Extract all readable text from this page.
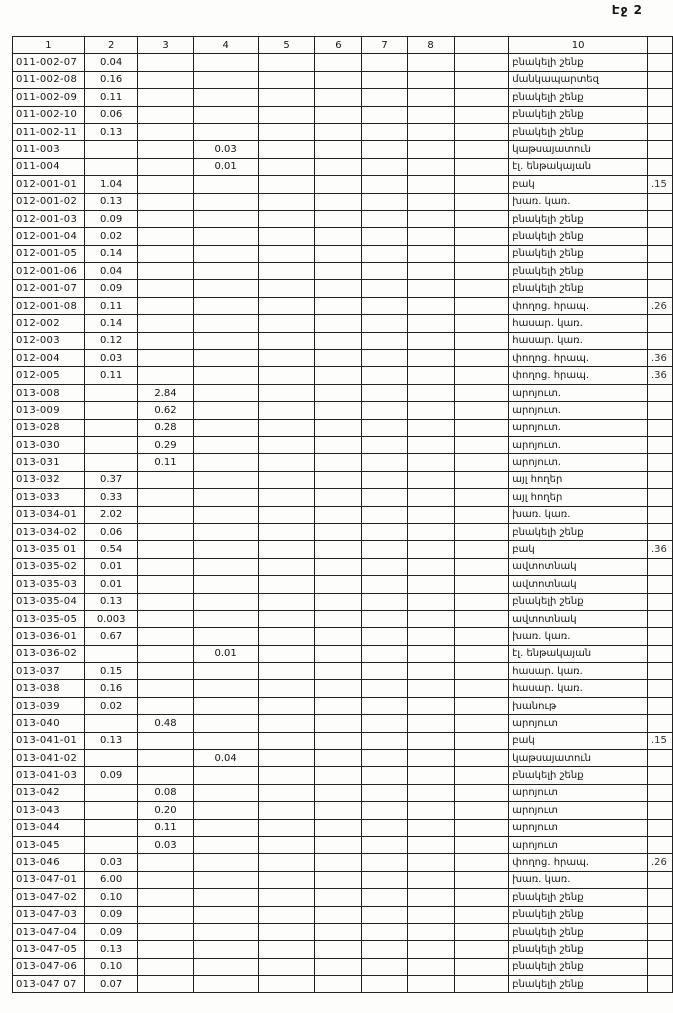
Էջ 2
1	2	3	4	5	6	7	8		10	
011-002-07	0.04								բնակելի շենք	
011-002-08	0.16								մանկապարտեզ	
011-002-09	0.11								բնակելի շենք	
011-002-10	0.06								բնակելի շենք	
011-002-11	0.13								բնակելի շենք	
011-003			0.03						կաթսայատուն	
011-004			0.01						էլ. ենթակայան	
012-001-01	1.04								բակ	.15
012-001-02	0.13								խառ. կառ.	
012-001-03	0.09								բնակելի շենք	
012-001-04	0.02								բնակելի շենք	
012-001-05	0.14								բնակելի շենք	
012-001-06	0.04								բնակելի շենք	
012-001-07	0.09								բնակելի շենք	
012-001-08	0.11								փողոց. հրապ.	.26
012-002	0.14								հասար. կառ.	
012-003	0.12								հասար. կառ.	
012-004	0.03								փողոց. հրապ.	.36
012-005	0.11								փողոց. հրապ.	.36
013-008		2.84							արոյուտ.	
013-009		0.62							արոյուտ.	
013-028		0.28							արոյուտ.	
013-030		0.29							արոյուտ.	
013-031		0.11							արոյուտ.	
013-032	0.37								այլ հողեր	
013-033	0.33								այլ հողեր	
013-034-01	2.02								խառ. կառ.	
013-034-02	0.06								բնակելի շենք	
013-035 01	0.54								բակ	.36
013-035-02	0.01								ավտոտնակ	
013-035-03	0.01								ավտոտնակ	
013-035-04	0.13								բնակելի շենք	
013-035-05	0.003								ավտոտնակ	
013-036-01	0.67								խառ. կառ.	
013-036-02			0.01						էլ. ենթակայան	
013-037	0.15								հասար. կառ.	
013-038	0.16								հասար. կառ.	
013-039	0.02								խանութ	
013-040		0.48							արոյուտ	
013-041-01	0.13								բակ	.15
013-041-02			0.04						կաթսայատուն	
013-041-03	0.09								բնակելի շենք	
013-042		0.08							արոյուտ	
013-043		0.20							արոյուտ	
013-044		0.11							արոյուտ	
013-045		0.03							արոյուտ	
013-046	0.03								փողոց. հրապ.	.26
013-047-01	6.00								խառ. կառ.	
013-047-02	0.10								բնակելի շենք	
013-047-03	0.09								բնակելի շենք	
013-047-04	0.09								բնակելի շենք	
013-047-05	0.13								բնակելի շենք	
013-047-06	0.10								բնակելի շենք	
013-047 07	0.07								բնակելի շենք	
